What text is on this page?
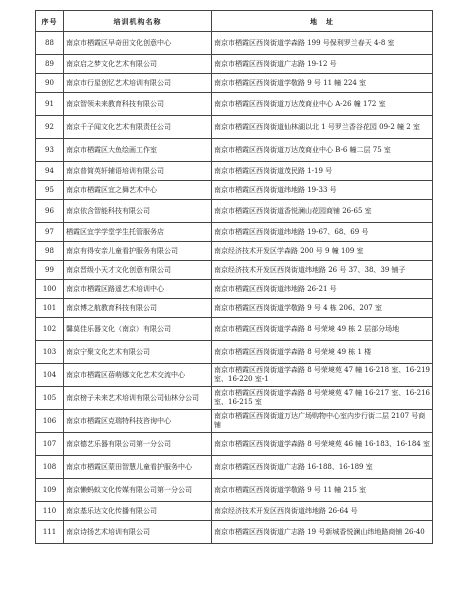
序号	培训机构名称	地　址
88	南京市栖霞区早奇田文化创意中心	南京市栖霞区西岗街道学森路 199 号保利罗兰春天 4-8 室
89	南京启之梦文化艺术有限公司	南京市栖霞区西岗街道广志路 19-12 号
90	南京市行星创忆艺术培训有限公司	南京市栖霞区西岗街道学敬路 9 号 11 幢 224 室
91	南京智领未来教育科技有限公司	南京市栖霞区西岗街道万达茂商业中心 A-26 幢 172 室
92	南京千子闻文化艺术有限责任公司	南京市栖霞区西岗街道仙林湖以北 1 号罗兰香谷花园 09-2 幢 2 室
93	南京市栖霞区大鱼绘画工作室	南京市栖霞区西岗街道万达茂商业中心 B-6 幢二层 75 室
94	南京普简英轩辅语培训有限公司	南京市栖霞区西岗街道茂民路 1-19 号
95	南京市栖霞区宜之舞艺术中心	南京市栖霞区西岗街道纬地路 19-33 号
96	南京依含智能科技有限公司	南京市栖霞区西岗街道香悦澜山花园商铺 26-65 室
97	栖霞区宜学学堂学生托管服务店	南京市栖霞区西岗街道纬地路 19-67、68、69 号
98	南京有得安亲儿童看护服务有限公司	南京经济技术开发区学森路 200 号 9 幢 109 室
99	南京晋级小天才文化创意有限公司	南京经济技术开发区西岗街道纬地路 26 号 37、38、39 铺子
100	南京市栖霞区路遥艺术培训中心	南京市栖霞区西岗街道纬地路 26-21 号
101	南京博之航教育科技有限公司	南京市栖霞区西岗街道学敬路 9 号 4 栋 206、207 室
102	馨莫佳乐器文化（南京）有限公司	南京市栖霞区西岗街道学森路 8 号荣境 49 栋 2 层部分场地
103	南京宁聚文化艺术有限公司	南京市栖霞区西岗街道学森路 8 号荣境 49 栋 1 楼
104	南京市栖霞区蓓萌娜文化艺术交流中心	南京市栖霞区西岗街道学森路 8 号荣境苑 47 幢 16-218 室、16-219 室、16-220 室-1
105	南京榜子未来艺术培训有限公司仙林分公司	南京市栖霞区西岗街道学森路 8 号荣境苑 47 幢 16-217 室、16-216 室、16-215 室
106	南京市栖霞区克瑞特科技咨询中心	南京市栖霞区西岗街道万达广场购物中心室内步行街二层 2107 号商铺
107	南京德艺乐器有限公司第一分公司	南京市栖霞区西岗街道学森路 8 号荣境苑 46 幢 16-183、16-184 室
108	南京市栖霞区蒙田智慧儿童看护服务中心	南京市栖霞区西岗街道广志路 16-188、16-189 室
109	南京懒蚂蚁文化传媒有限公司第一分公司	南京市栖霞区西岗街道学敬路 9 号 11 幢 215 室
110	南京基乐达文化传播有限公司	南京经济技术开发区西岗街道纬地路 26-64 号
111	南京诗扬艺术培训有限公司	南京市栖霞区西岗街道广志路 19 号新城香悦澜山纬地路商铺 26-40
